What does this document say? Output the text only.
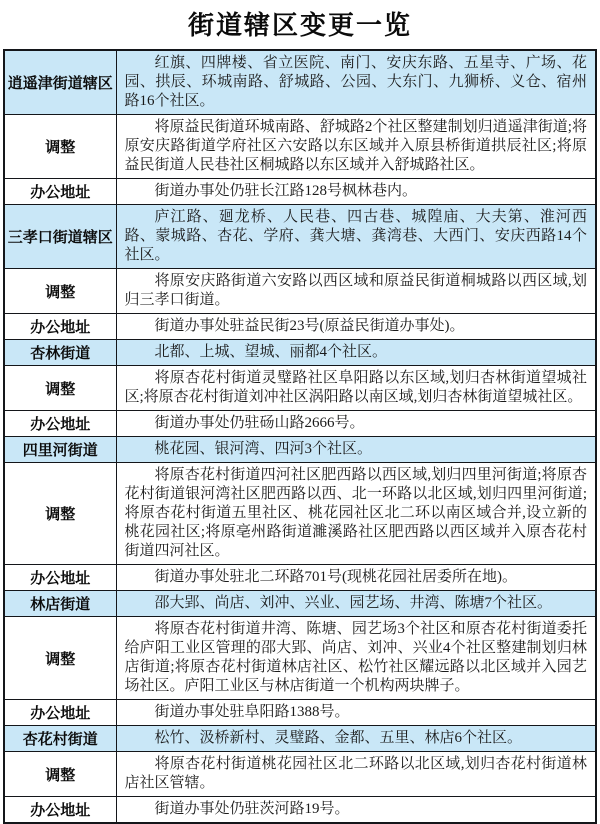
街道辖区变更一览
逍遥津街道辖区	红旗、四牌楼、省立医院、南门、安庆东路、五星寺、广场、花园、拱辰、环城南路、舒城路、公园、大东门、九狮桥、义仓、宿州路16个社区。
调整	将原益民街道环城南路、舒城路2个社区整建制划归逍遥津街道;将原安庆路街道学府社区六安路以东区域并入原县桥街道拱辰社区;将原益民街道人民巷社区桐城路以东区域并入舒城路社区。
办公地址	街道办事处仍驻长江路128号枫林巷内。
三孝口街道辖区	庐江路、廻龙桥、人民巷、四古巷、城隍庙、大夫第、淮河西路、蒙城路、杏花、学府、龚大塘、龚湾巷、大西门、安庆西路14个社区。
调整	将原安庆路街道六安路以西区域和原益民街道桐城路以西区域,划归三孝口街道。
办公地址	街道办事处驻益民街23号(原益民街道办事处)。
杏林街道	北都、上城、望城、丽都4个社区。
调整	将原杏花村街道灵璧路社区阜阳路以东区域,划归杏林街道望城社区;将原杏花村街道刘冲社区涡阳路以南区域,划归杏林街道望城社区。
办公地址	街道办事处仍驻砀山路2666号。
四里河街道	桃花园、银河湾、四河3个社区。
调整	将原杏花村街道四河社区肥西路以西区域,划归四里河街道;将原杏花村街道银河湾社区肥西路以西、北一环路以北区域,划归四里河街道;将原杏花村街道五里社区、桃花园社区北二环以南区域合并,设立新的桃花园社区;将原亳州路街道濉溪路社区肥西路以西区域并入原杏花村街道四河社区。
办公地址	街道办事处驻北二环路701号(现桃花园社居委所在地)。
林店街道	邵大郢、尚店、刘冲、兴业、园艺场、井湾、陈塘7个社区。
调整	将原杏花村街道井湾、陈塘、园艺场3个社区和原杏花村街道委托给庐阳工业区管理的邵大郢、尚店、刘冲、兴业4个社区整建制划归林店街道;将原杏花村街道林店社区、松竹社区耀远路以北区域并入园艺场社区。庐阳工业区与林店街道一个机构两块牌子。
办公地址	街道办事处驻阜阳路1388号。
杏花村街道	松竹、汲桥新村、灵璧路、金都、五里、林店6个社区。
调整	将原杏花村街道桃花园社区北二环路以北区域,划归杏花村街道林店社区管辖。
办公地址	街道办事处仍驻茨河路19号。
